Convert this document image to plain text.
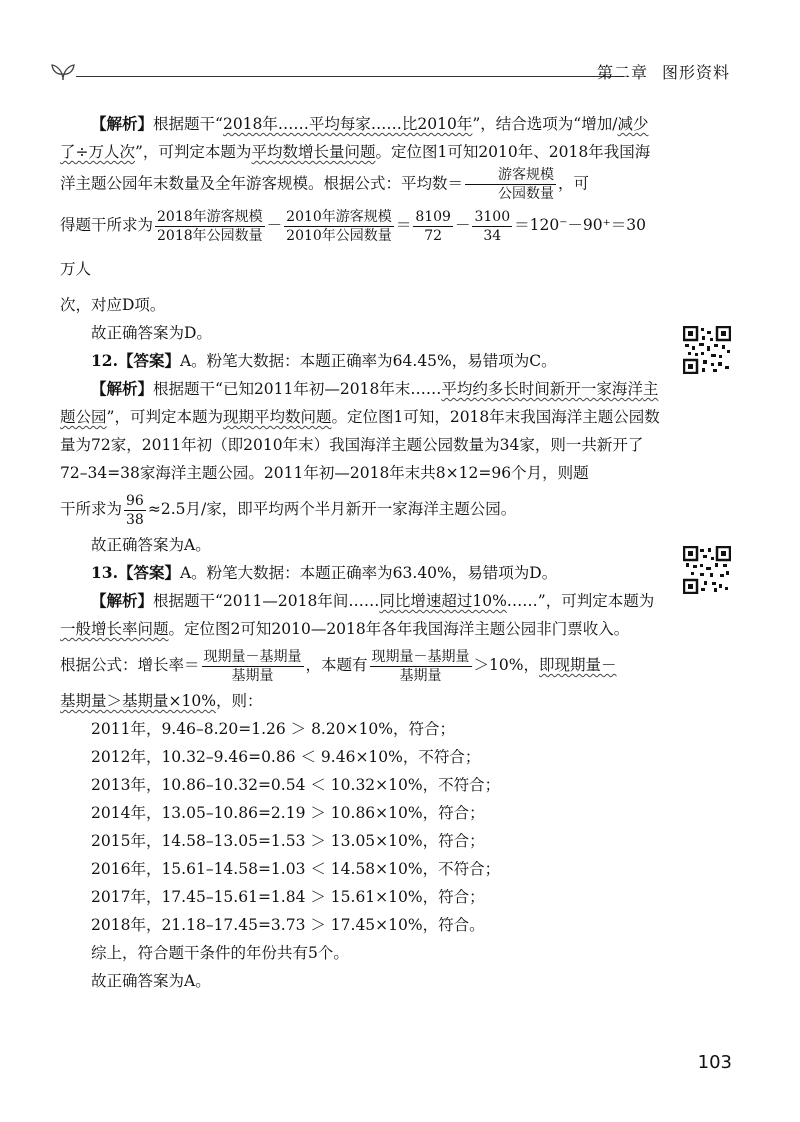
第二章 图形资料

【解析】根据题干“2018年……平均每家……比2010年”，结合选项为“增加/减少了÷万人次”，可判定本题为平均数增长量问题。定位图1可知2010年、2018年我国海洋主题公园年末数量及全年游客规模。根据公式：平均数＝ $\frac{\text{游客规模}}{\text{公园数量}}$ ，可

得题干所求为 $\frac{\text{2018年游客规模}}{\text{2018年公园数量}} - \frac{\text{2010年游客规模}}{\text{2010年公园数量}} = \frac{8109}{72} - \frac{3100}{34} =120^--90^+=30$ 万人

次，对应D项。

故正确答案为D。

12.【答案】A。粉笔大数据：本题正确率为64.45%，易错项为C。

【解析】根据题干“已知2011年初—2018年末……平均约多长时间新开一家海洋主题公园”，可判定本题为现期平均数问题。定位图1可知，2018年末我国海洋主题公园数量为72家，2011年初（即2010年末）我国海洋主题公园数量为34家，则一共新开了72–34=38家海洋主题公园。2011年初—2018年末共8×12=96个月，则题

干所求为 $\frac{96}{38} \approx 2.5$月/家，即平均两个半月新开一家海洋主题公园。

故正确答案为A。

13.【答案】A。粉笔大数据：本题正确率为63.40%，易错项为D。

【解析】根据题干“2011—2018年间……同比增速超过10%……”，可判定本题为一般增长率问题。定位图2可知2010—2018年各年我国海洋主题公园非门票收入。

根据公式：增长率＝ $\frac{\text{现期量－基期量}}{\text{基期量}}$ ，本题有 $\frac{\text{现期量－基期量}}{\text{基期量}} >10\%$，即现期量－

基期量＞基期量×10%，则：

2011年，9.46–8.20=1.26 ＞ 8.20×10%，符合；
2012年，10.32–9.46=0.86 ＜ 9.46×10%，不符合；
2013年，10.86–10.32=0.54 ＜ 10.32×10%，不符合；
2014年，13.05–10.86=2.19 ＞ 10.86×10%，符合；
2015年，14.58–13.05=1.53 ＞ 13.05×10%，符合；
2016年，15.61–14.58=1.03 ＜ 14.58×10%，不符合；
2017年，17.45–15.61=1.84 ＞ 15.61×10%，符合；
2018年，21.18–17.45=3.73 ＞ 17.45×10%，符合。

综上，符合题干条件的年份共有5个。

故正确答案为A。

103
